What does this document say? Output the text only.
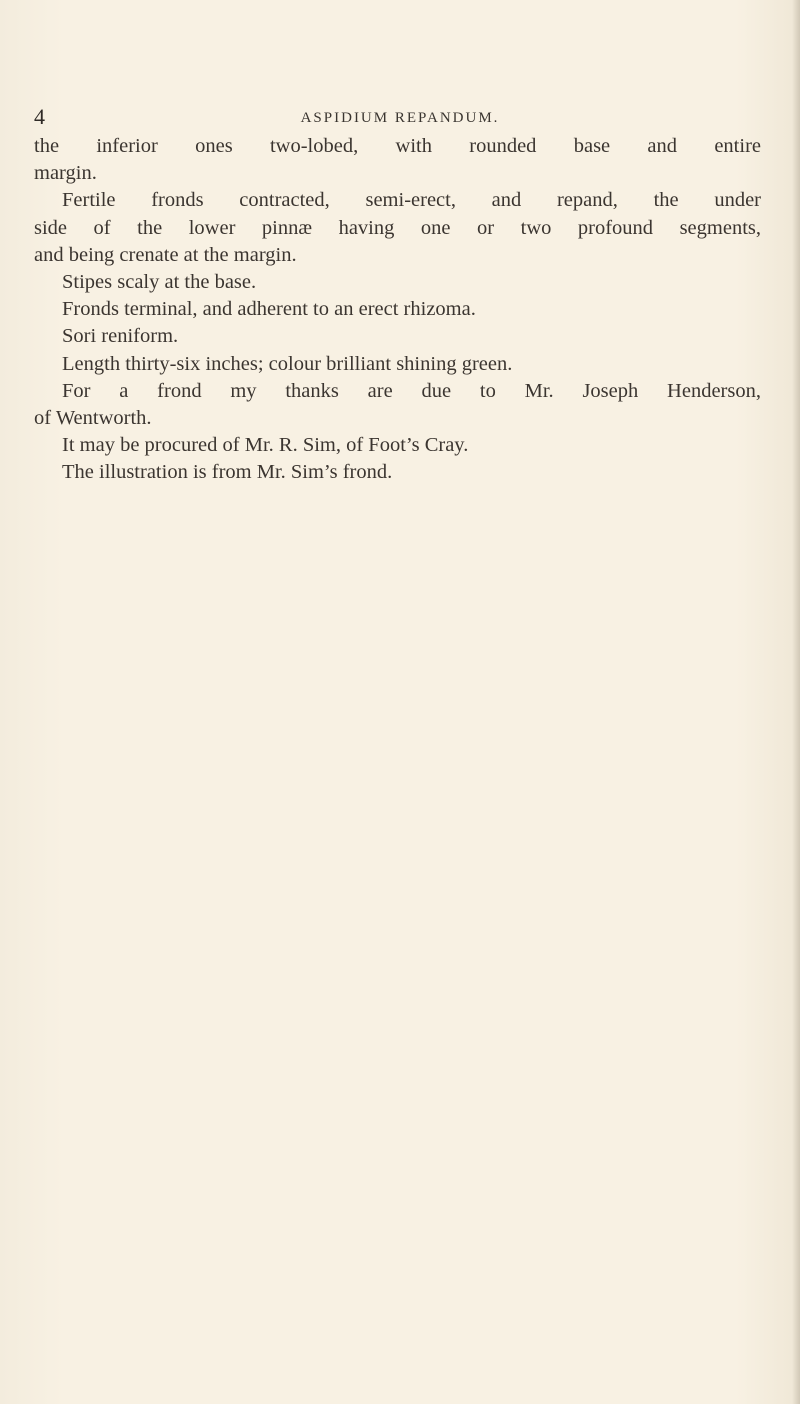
4	ASPIDIUM REPANDUM.
the inferior ones two-lobed, with rounded base and entire
margin.
Fertile fronds contracted, semi-erect, and repand, the under
side of the lower pinnæ having one or two profound segments,
and being crenate at the margin.
Stipes scaly at the base.
Fronds terminal, and adherent to an erect rhizoma.
Sori reniform.
Length thirty-six inches; colour brilliant shining green.
For a frond my thanks are due to Mr. Joseph Henderson,
of Wentworth.
It may be procured of Mr. R. Sim, of Foot’s Cray.
The illustration is from Mr. Sim’s frond.
